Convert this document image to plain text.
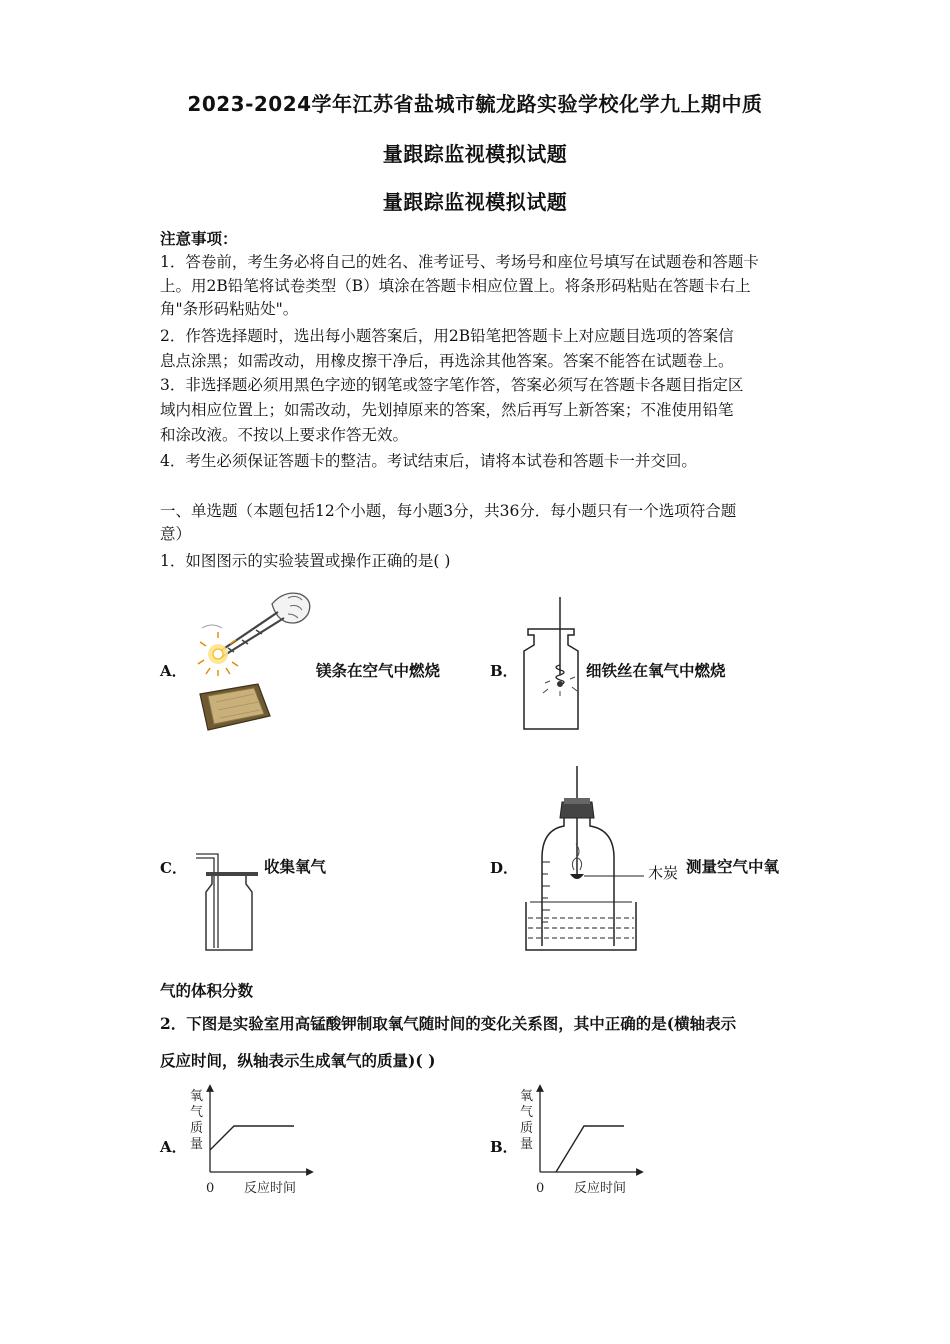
2023-2024学年江苏省盐城市毓龙路实验学校化学九上期中质
量跟踪监视模拟试题
量跟踪监视模拟试题
注意事项：
1．答卷前，考生务必将自己的姓名、准考证号、考场号和座位号填写在试题卷和答题卡
上。用2B铅笔将试卷类型（B）填涂在答题卡相应位置上。将条形码粘贴在答题卡右上
角"条形码粘贴处"。
2．作答选择题时，选出每小题答案后，用2B铅笔把答题卡上对应题目选项的答案信
息点涂黑；如需改动，用橡皮擦干净后，再选涂其他答案。答案不能答在试题卷上。
3．非选择题必须用黑色字迹的钢笔或签字笔作答，答案必须写在答题卡各题目指定区
域内相应位置上；如需改动，先划掉原来的答案，然后再写上新答案；不准使用铅笔
和涂改液。不按以上要求作答无效。
4．考生必须保证答题卡的整洁。考试结束后，请将本试卷和答题卡一并交回。
一、单选题（本题包括12个小题，每小题3分，共36分．每小题只有一个选项符合题
意）
1．如图图示的实验装置或操作正确的是( )
A．	镁条在空气中燃烧	B．	细铁丝在氧气中燃烧
C．	收集氧气	D．	木炭 测量空气中氧
气的体积分数
2．下图是实验室用高锰酸钾制取氧气随时间的变化关系图，其中正确的是(横轴表示
反应时间，纵轴表示生成氧气的质量)( )
A．
氧
气
质
量
0 反应时间
B．
氧
气
质
量
0 反应时间
